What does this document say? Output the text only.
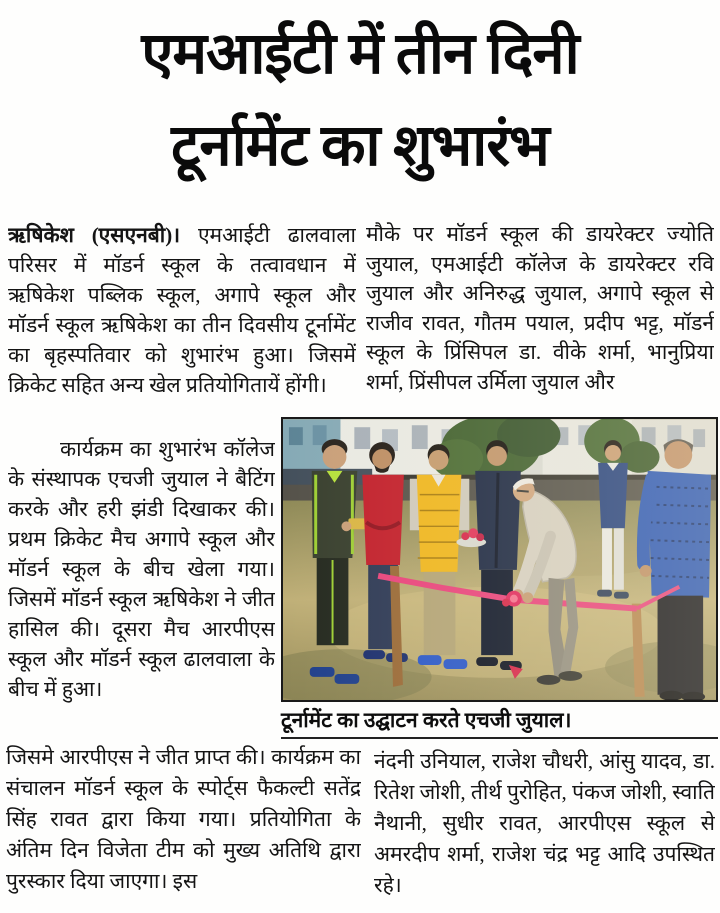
एमआईटी में तीन दिनी
टूर्नामेंट का शुभारंभ
ऋषिकेश (एसएनबी)। एमआईटी ढालवाला परिसर में मॉडर्न स्कूल के तत्वावधान में ऋषिकेश पब्लिक स्कूल, अगापे स्कूल और मॉडर्न स्कूल ऋषिकेश का तीन दिवसीय टूर्नामेंट का बृहस्पतिवार को शुभारंभ हुआ। जिसमें क्रिकेट सहित अन्य खेल प्रतियोगितायें होंगी।
कार्यक्रम का शुभारंभ कॉलेज के संस्थापक एचजी जुयाल ने बैटिंग करके और हरी झंडी दिखाकर की। प्रथम क्रिकेट मैच अगापे स्कूल और मॉडर्न स्कूल के बीच खेला गया। जिसमें मॉडर्न स्कूल ऋषिकेश ने जीत हासिल की। दूसरा मैच आरपीएस स्कूल और मॉडर्न स्कूल ढालवाला के बीच में हुआ।
जिसमे आरपीएस ने जीत प्राप्त की। कार्यक्रम का संचालन मॉडर्न स्कूल के स्पोर्ट्स फैकल्टी सतेंद्र सिंह रावत द्वारा किया गया। प्रतियोगिता के अंतिम दिन विजेता टीम को मुख्य अतिथि द्वारा पुरस्कार दिया जाएगा। इस
मौके पर मॉडर्न स्कूल की डायरेक्टर ज्योति जुयाल, एमआईटी कॉलेज के डायरेक्टर रवि जुयाल और अनिरुद्ध जुयाल, अगापे स्कूल से राजीव रावत, गौतम पयाल, प्रदीप भट्ट, मॉडर्न स्कूल के प्रिंसिपल डा. वीके शर्मा, भानुप्रिया शर्मा, प्रिंसीपल उर्मिला जुयाल और
नंदनी उनियाल, राजेश चौधरी, आंसु यादव, डा. रितेश जोशी, तीर्थ पुरोहित, पंकज जोशी, स्वाति नैथानी, सुधीर रावत, आरपीएस स्कूल से अमरदीप शर्मा, राजेश चंद्र भट्ट आदि उपस्थित रहे।
टूर्नामेंट का उद्घाटन करते एचजी जुयाल।
